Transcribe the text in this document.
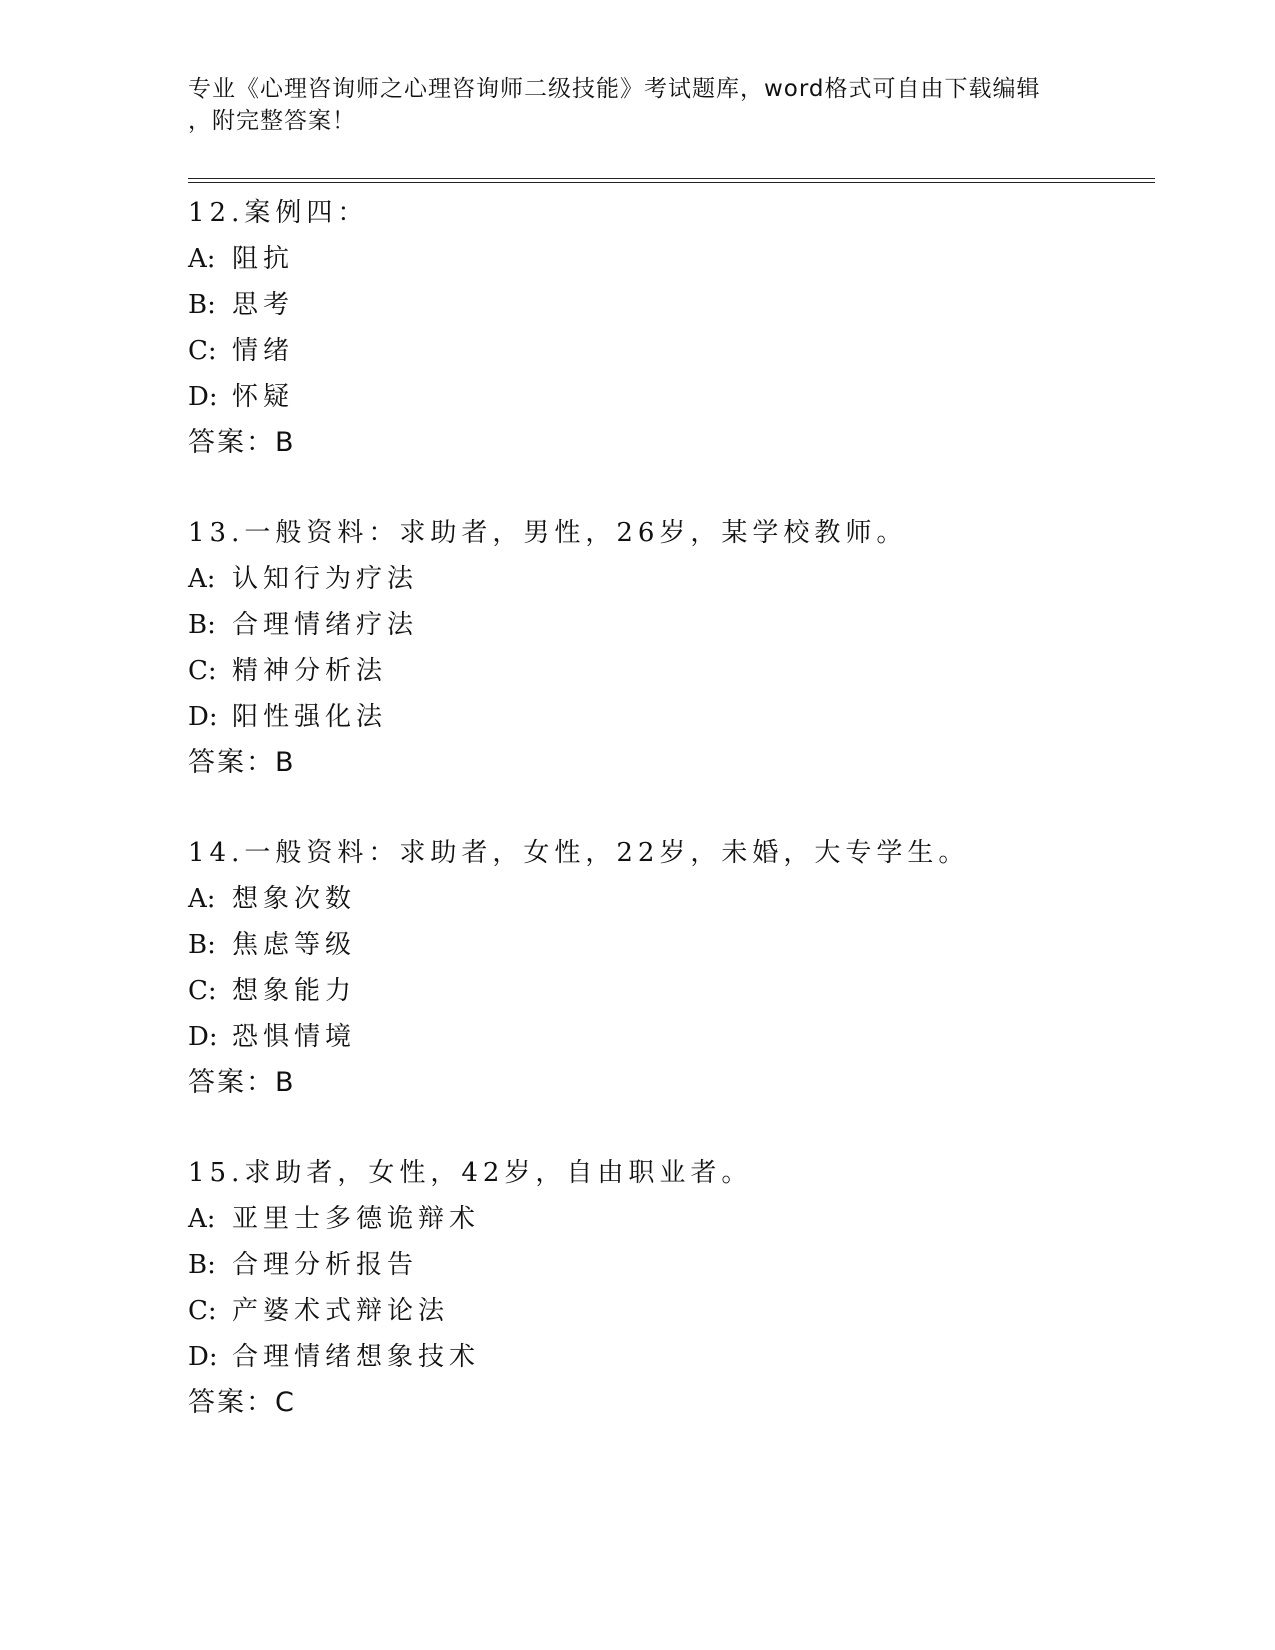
专业《心理咨询师之心理咨询师二级技能》考试题库，word格式可自由下载编辑
，附完整答案！
12.案例四：
A: 阻抗
B: 思考
C: 情绪
D: 怀疑
答案：B
13.一般资料：求助者，男性，26岁，某学校教师。
A: 认知行为疗法
B: 合理情绪疗法
C: 精神分析法
D: 阳性强化法
答案：B
14.一般资料：求助者，女性，22岁，未婚，大专学生。
A: 想象次数
B: 焦虑等级
C: 想象能力
D: 恐惧情境
答案：B
15.求助者，女性，42岁，自由职业者。
A: 亚里士多德诡辩术
B: 合理分析报告
C: 产婆术式辩论法
D: 合理情绪想象技术
答案：C
